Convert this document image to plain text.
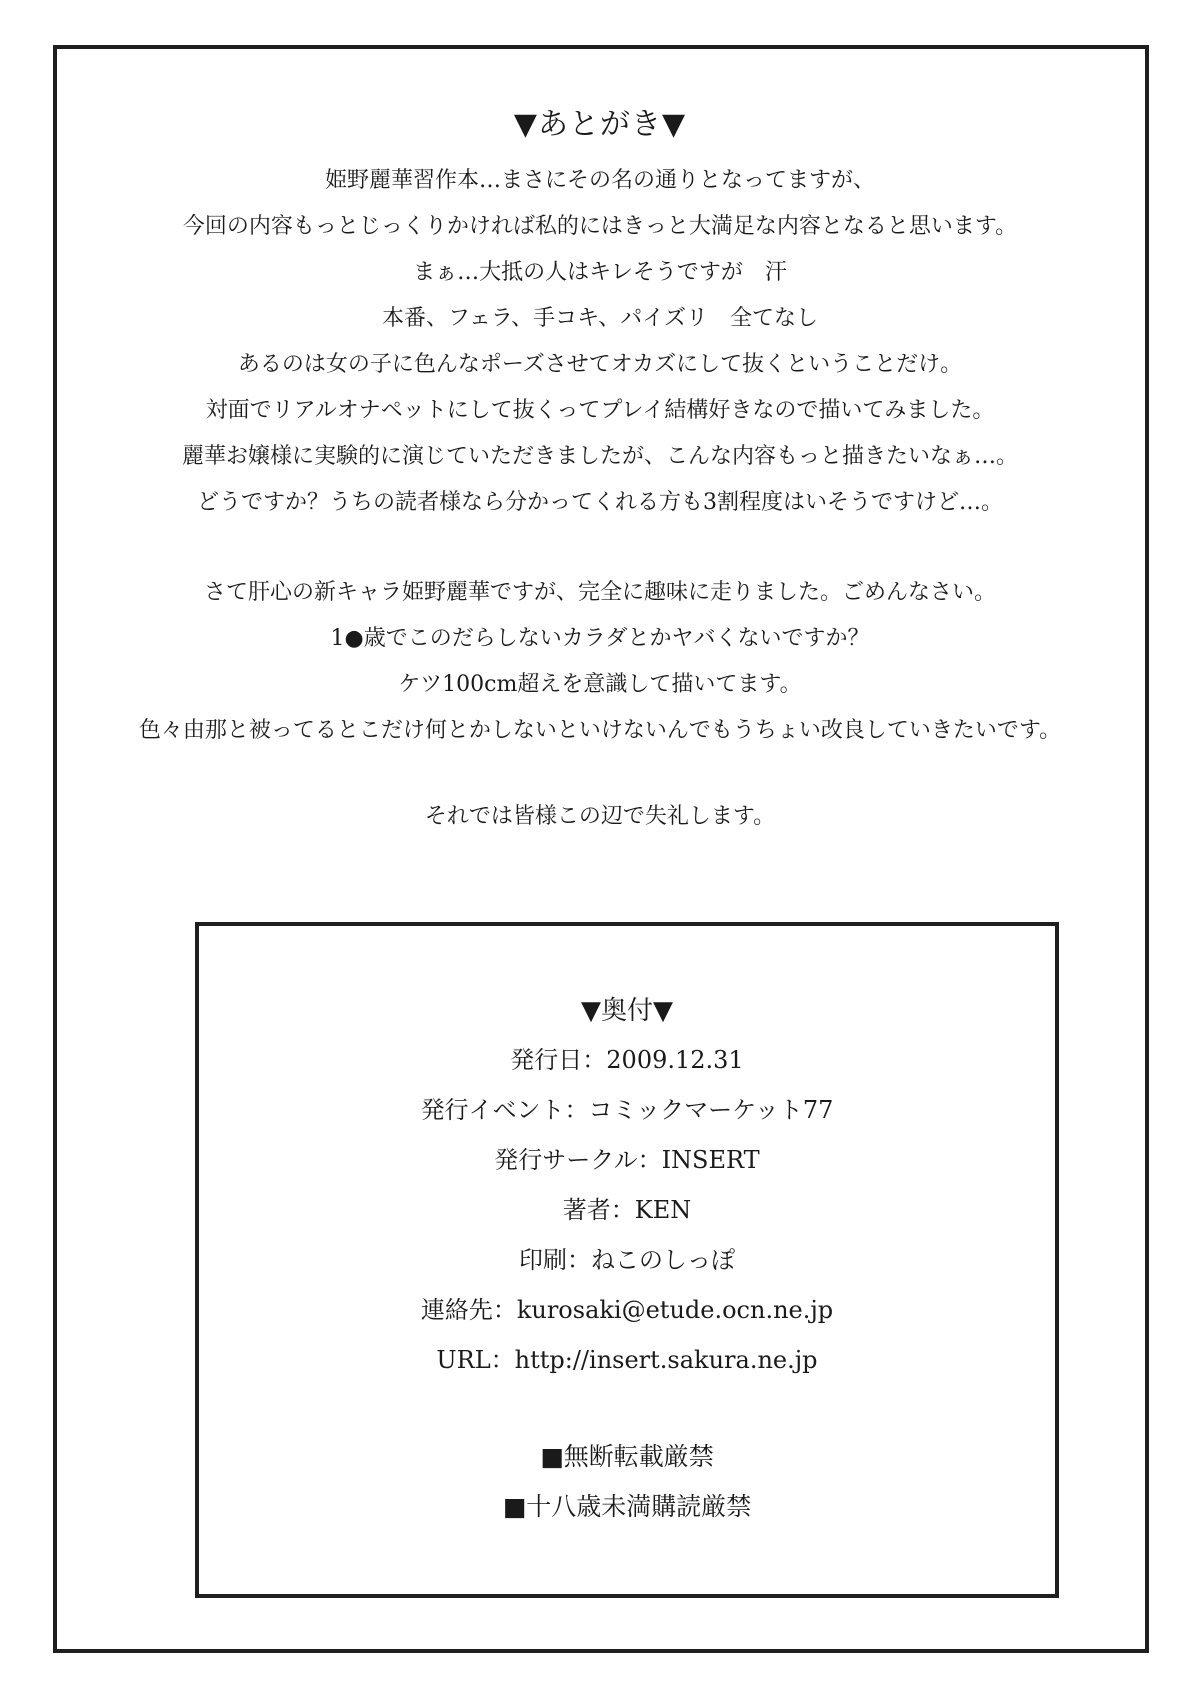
▼あとがき▼
姫野麗華習作本…まさにその名の通りとなってますが、
今回の内容もっとじっくりかければ私的にはきっと大満足な内容となると思います。
まぁ…大抵の人はキレそうですが　汗
本番、フェラ、手コキ、パイズリ　全てなし
あるのは女の子に色んなポーズさせてオカズにして抜くということだけ。
対面でリアルオナペットにして抜くってプレイ結構好きなので描いてみました。
麗華お嬢様に実験的に演じていただきましたが、こんな内容もっと描きたいなぁ…。
どうですか？うちの読者様なら分かってくれる方も3割程度はいそうですけど…。
さて肝心の新キャラ姫野麗華ですが、完全に趣味に走りました。ごめんなさい。
1●歳でこのだらしないカラダとかヤバくないですか？
ケツ100cm超えを意識して描いてます。
色々由那と被ってるとこだけ何とかしないといけないんでもうちょい改良していきたいです。
それでは皆様この辺で失礼します。
▼奥付▼
発行日：2009.12.31
発行イベント：コミックマーケット77
発行サークル：INSERT
著者：KEN
印刷：ねこのしっぽ
連絡先：kurosaki@etude.ocn.ne.jp
URL：http://insert.sakura.ne.jp
■無断転載厳禁
■十八歳未満購読厳禁
